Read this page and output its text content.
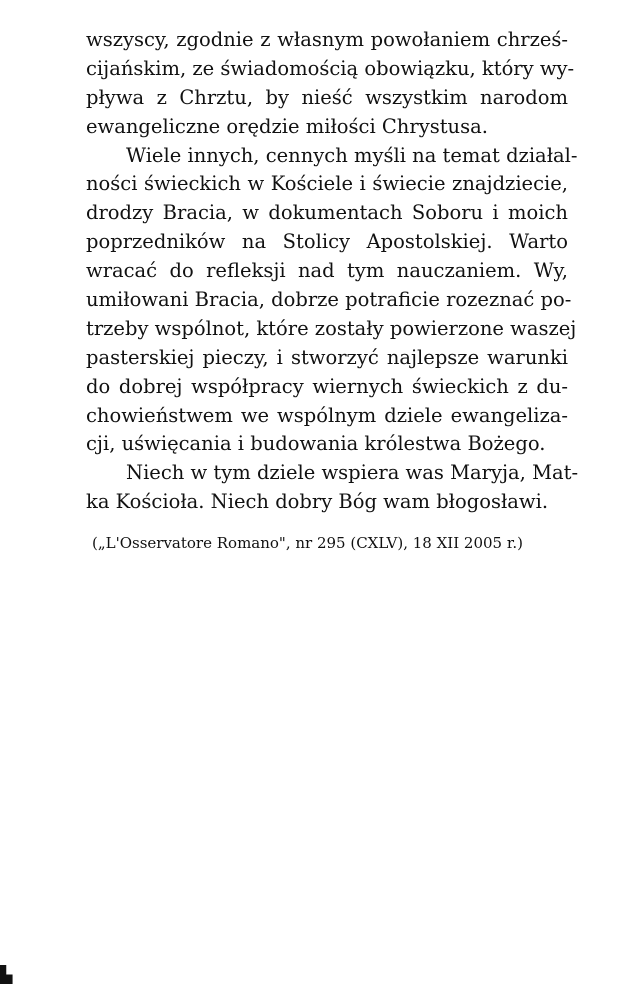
wszyscy, zgodnie z własnym powołaniem chrześ-
cijańskim, ze świadomością obowiązku, który wy-
pływa z Chrztu, by nieść wszystkim narodom
ewangeliczne orędzie miłości Chrystusa.
Wiele innych, cennych myśli na temat działal-
ności świeckich w Kościele i świecie znajdziecie,
drodzy Bracia, w dokumentach Soboru i moich
poprzedników na Stolicy Apostolskiej. Warto
wracać do refleksji nad tym nauczaniem. Wy,
umiłowani Bracia, dobrze potraficie rozeznać po-
trzeby wspólnot, które zostały powierzone waszej
pasterskiej pieczy, i stworzyć najlepsze warunki
do dobrej współpracy wiernych świeckich z du-
chowieństwem we wspólnym dziele ewangeliza-
cji, uświęcania i budowania królestwa Bożego.
Niech w tym dziele wspiera was Maryja, Mat-
ka Kościoła. Niech dobry Bóg wam błogosławi.
(„L'Osservatore Romano", nr 295 (CXLV), 18 XII 2005 r.)
▙
